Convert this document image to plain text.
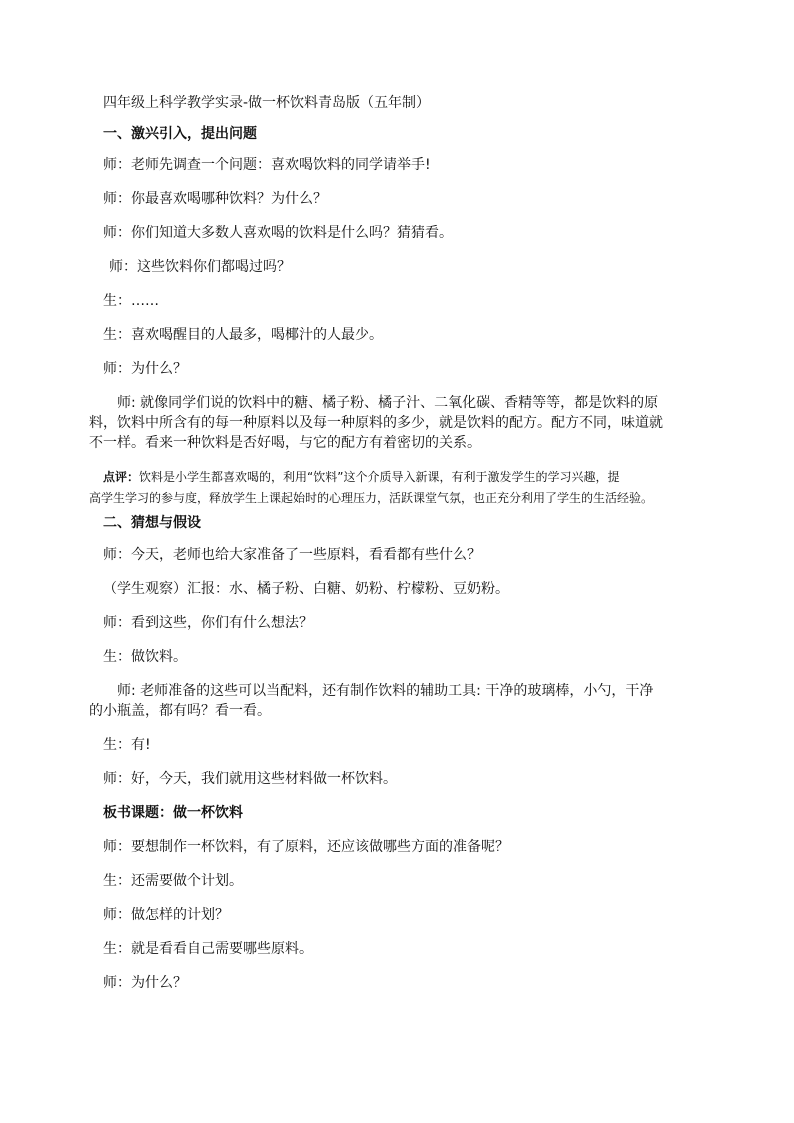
四年级上科学教学实录-做一杯饮料青岛版（五年制）
一、激兴引入，提出问题
师：老师先调查一个问题：喜欢喝饮料的同学请举手!
师：你最喜欢喝哪种饮料？为什么？
师：你们知道大多数人喜欢喝的饮料是什么吗？猜猜看。
师：这些饮料你们都喝过吗？
生：……
生：喜欢喝醒目的人最多，喝椰汁的人最少。
师：为什么？
师: 就像同学们说的饮料中的糖、橘子粉、橘子汁、二氧化碳、香精等等，都是饮料的原
料，饮料中所含有的每一种原料以及每一种原料的多少，就是饮料的配方。配方不同，味道就
不一样。看来一种饮料是否好喝，与它的配方有着密切的关系。
点评：饮料是小学生都喜欢喝的，利用“饮料”这个介质导入新课，有利于激发学生的学习兴趣，提
高学生学习的参与度，释放学生上课起始时的心理压力，活跃课堂气氛，也正充分利用了学生的生活经验。
二、猜想与假设
师：今天，老师也给大家准备了一些原料，看看都有些什么？
（学生观察）汇报：水、橘子粉、白糖、奶粉、柠檬粉、豆奶粉。
师：看到这些，你们有什么想法？
生：做饮料。
师: 老师准备的这些可以当配料，还有制作饮料的辅助工具: 干净的玻璃棒，小勺，干净
的小瓶盖，都有吗？看一看。
生：有!
师：好，今天，我们就用这些材料做一杯饮料。
板书课题：做一杯饮料
师：要想制作一杯饮料，有了原料，还应该做哪些方面的准备呢？
生：还需要做个计划。
师：做怎样的计划？
生：就是看看自己需要哪些原料。
师：为什么？
